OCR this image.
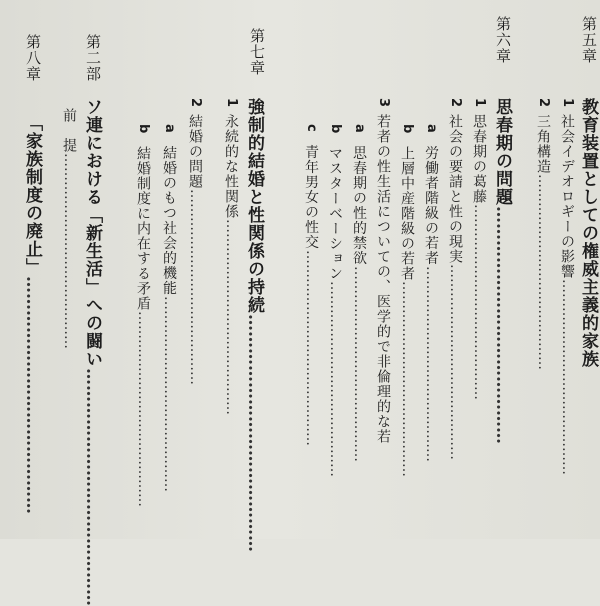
第五章
教育装置としての権威主義的家族
1社会イデオロギーの影響……………………………………
2三角構造……………………………………
第六章
思春期の問題……………………………………
1思春期の葛藤……………………………………
2社会の要請と性の現実……………………………………
a労働者階級の若者……………………………………
b上層中産階級の若者……………………………………
3若者の性生活についての、医学的で非倫理的な若
a思春期の性的禁欲……………………………………
bマスターベーション……………………………………
c青年男女の性交……………………………………
第七章
強制的結婚と性関係の持続……………………………………
1永続的な性関係……………………………………
2結婚の問題……………………………………
a結婚のもつ社会的機能……………………………………
b結婚制度に内在する矛盾……………………………………
第二部
ソ連における「新生活」への闘い……………………………………
前　提……………………………………
第八章
「家族制度の廃止」……………………………………
